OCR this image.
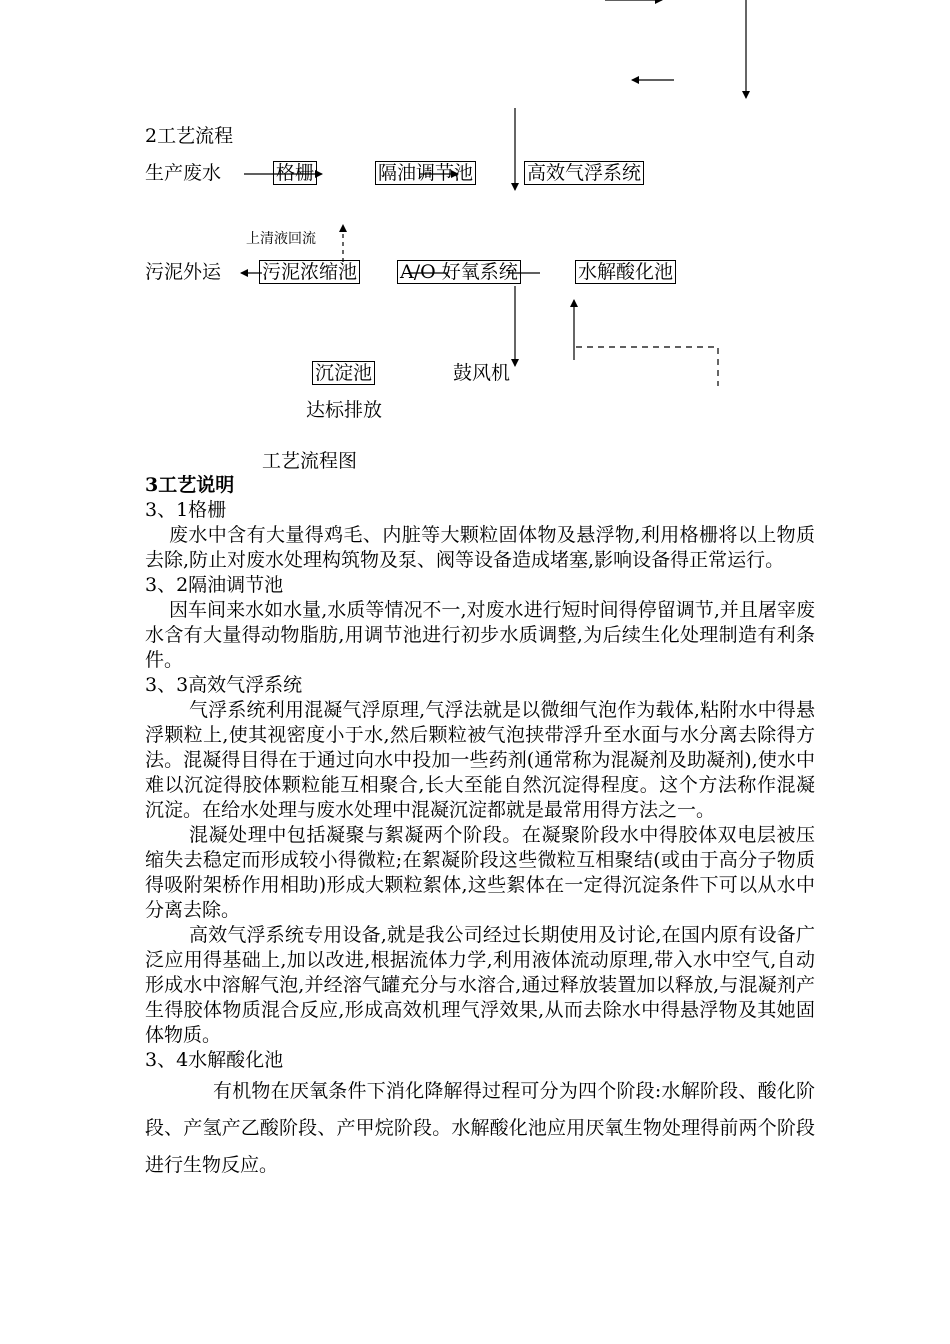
2工艺流程
生产废水	格栅	隔油调节池	高效气浮系统
上清液回流
污泥外运 污泥浓缩池 A/O 好氧系统	水解酸化池
沉淀池	鼓风机
达标排放
工艺流程图

3工艺说明

3、1格栅

废水中含有大量得鸡毛、内脏等大颗粒固体物及悬浮物,利用格栅将以上物质去除,防止对废水处理构筑物及泵、阀等设备造成堵塞,影响设备得正常运行。

3、2隔油调节池

因车间来水如水量,水质等情况不一,对废水进行短时间得停留调节,并且屠宰废水含有大量得动物脂肪,用调节池进行初步水质调整,为后续生化处理制造有利条件。

3、3高效气浮系统

气浮系统利用混凝气浮原理,气浮法就是以微细气泡作为载体,粘附水中得悬浮颗粒上,使其视密度小于水,然后颗粒被气泡挟带浮升至水面与水分离去除得方法。混凝得目得在于通过向水中投加一些药剂(通常称为混凝剂及助凝剂),使水中难以沉淀得胶体颗粒能互相聚合,长大至能自然沉淀得程度。这个方法称作混凝沉淀。在给水处理与废水处理中混凝沉淀都就是最常用得方法之一。

混凝处理中包括凝聚与絮凝两个阶段。在凝聚阶段水中得胶体双电层被压缩失去稳定而形成较小得微粒;在絮凝阶段这些微粒互相聚结(或由于高分子物质得吸附架桥作用相助)形成大颗粒絮体,这些絮体在一定得沉淀条件下可以从水中分离去除。

高效气浮系统专用设备,就是我公司经过长期使用及讨论,在国内原有设备广泛应用得基础上,加以改进,根据流体力学,利用液体流动原理,带入水中空气,自动形成水中溶解气泡,并经溶气罐充分与水溶合,通过释放装置加以释放,与混凝剂产生得胶体物质混合反应,形成高效机理气浮效果,从而去除水中得悬浮物及其她固体物质。

3、4水解酸化池

有机物在厌氧条件下消化降解得过程可分为四个阶段:水解阶段、酸化阶段、产氢产乙酸阶段、产甲烷阶段。水解酸化池应用厌氧生物处理得前两个阶段进行生物反应。
